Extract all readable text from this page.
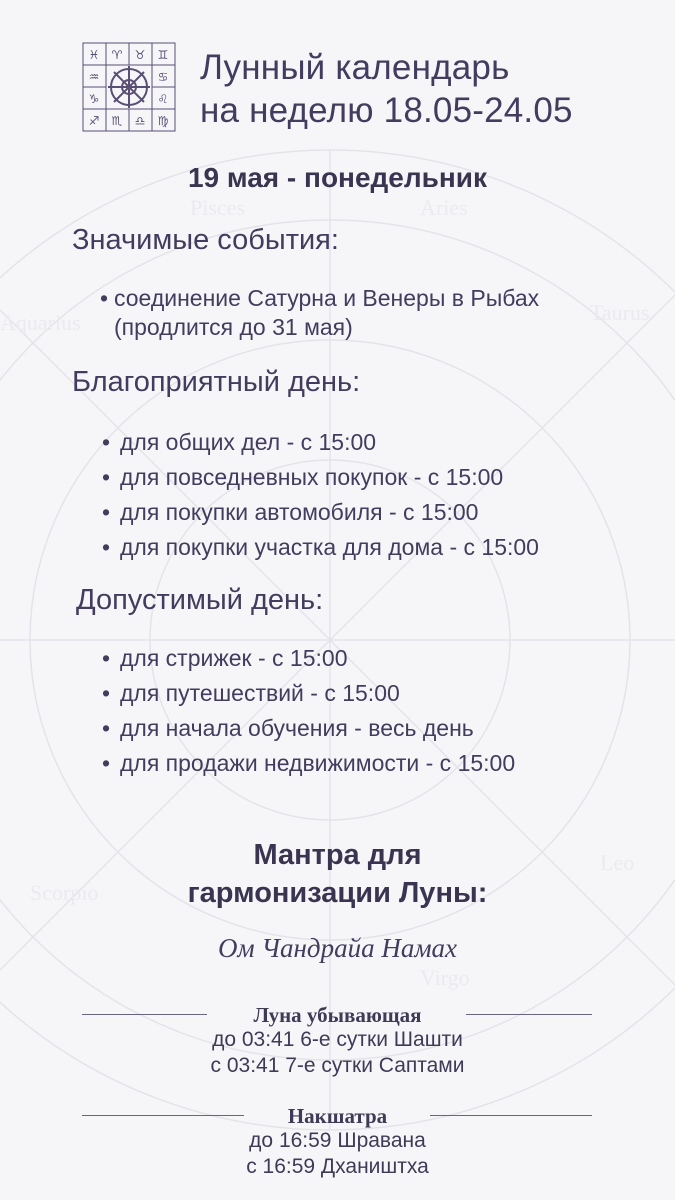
Pisces	Aries
Taurus
Aquarius
Leo
Scorpio
Virgo
♓ ♈ ♉ ♊
♒	♋
♑	♌
♐ ♏ ♎ ♍
Лунный календарь
на неделю 18.05-24.05
19 мая - понедельник
Значимые события:
• соединение Сатурна и Венеры в Рыбах
(продлится до 31 мая)
Благоприятный день:
• для общих дел - с 15:00
• для повседневных покупок - с 15:00
• для покупки автомобиля - с 15:00
• для покупки участка для дома - с 15:00
Допустимый день:
• для стрижек - с 15:00
• для путешествий - с 15:00
• для начала обучения - весь день
• для продажи недвижимости - с 15:00
Мантра для
гармонизации Луны:
Ом Чандрайа Намах
Луна убывающая
до 03:41 6-е сутки Шашти
с 03:41 7-е сутки Саптами
Накшатра
до 16:59 Шравана
с 16:59 Дхаништха
